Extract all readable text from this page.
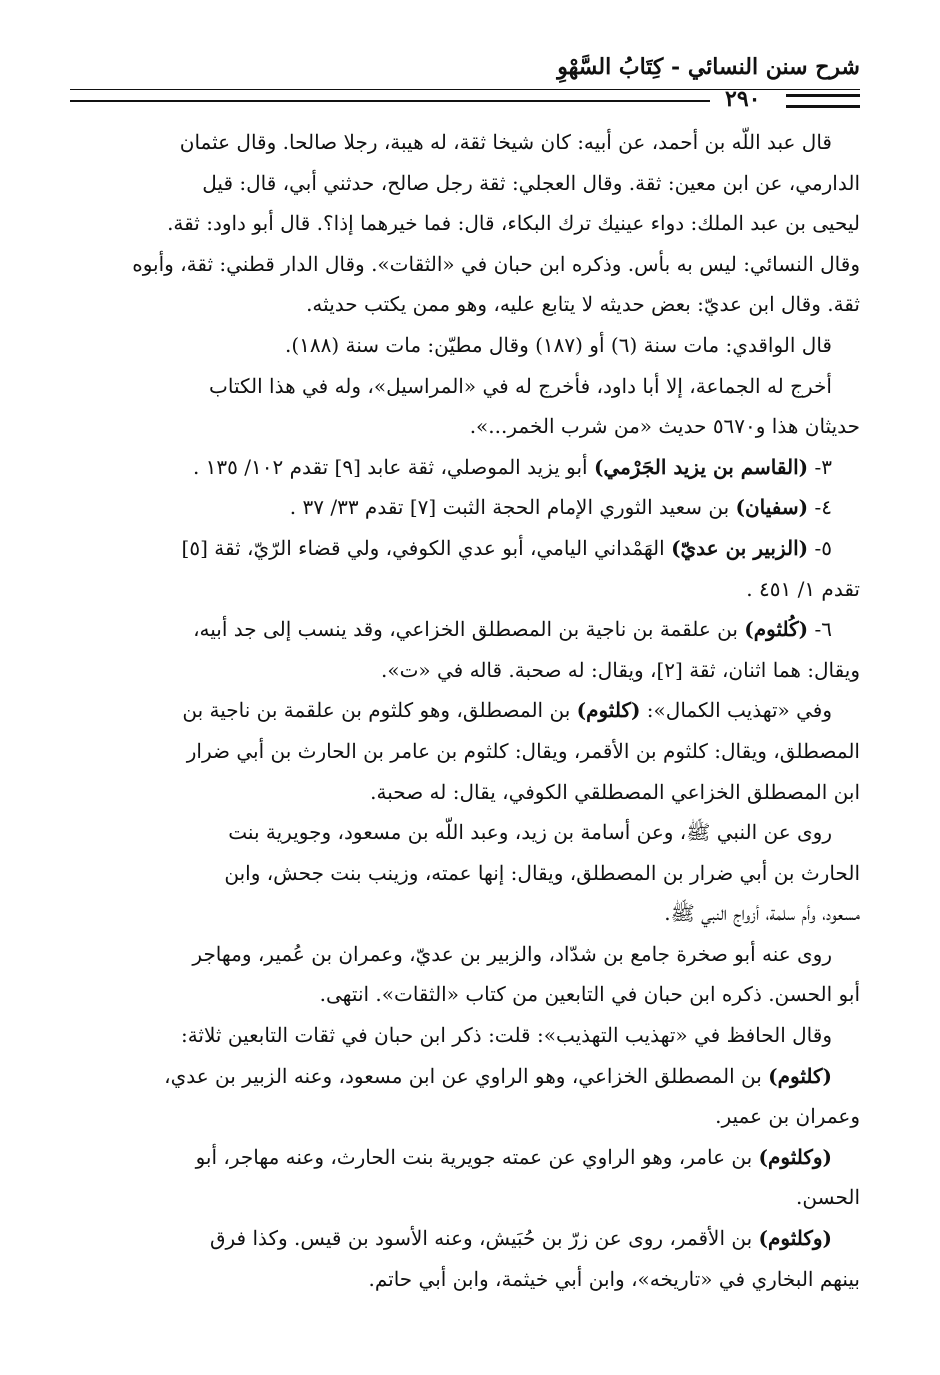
شرح سنن النسائي - كِتَابُ السَّهْوِ
٢٩٠
قال عبد اللّه بن أحمد، عن أبيه: كان شيخا ثقة، له هيبة، رجلا صالحا. وقال عثمان
الدارمي، عن ابن معين: ثقة. وقال العجلي: ثقة رجل صالح، حدثني أبي، قال: قيل
ليحيى بن عبد الملك: دواء عينيك ترك البكاء، قال: فما خيرهما إذا؟. قال أبو داود: ثقة.
وقال النسائي: ليس به بأس. وذكره ابن حبان في «الثقات». وقال الدار قطني: ثقة، وأبوه
ثقة. وقال ابن عديّ: بعض حديثه لا يتابع عليه، وهو ممن يكتب حديثه.
قال الواقدي: مات سنة (٦) أو (١٨٧) وقال مطيّن: مات سنة (١٨٨).
أخرج له الجماعة، إلا أبا داود، فأخرج له في «المراسيل»، وله في هذا الكتاب
حديثان هذا و٥٦٧٠ حديث «من شرب الخمر...».
٣- (القاسم بن يزيد الجَرْمي) أبو يزيد الموصلي، ثقة عابد [٩] تقدم ١٠٢/ ١٣٥ .
٤- (سفيان) بن سعيد الثوري الإمام الحجة الثبت [٧] تقدم ٣٣/ ٣٧ .
٥- (الزبير بن عديّ) الهَمْداني اليامي، أبو عدي الكوفي، ولي قضاء الرّيّ، ثقة [٥]
تقدم ١/ ٤٥١ .
٦- (كُلثوم) بن علقمة بن ناجية بن المصطلق الخزاعي، وقد ينسب إلى جد أبيه،
ويقال: هما اثنان، ثقة [٢]، ويقال: له صحبة. قاله في «ت».
وفي «تهذيب الكمال»: (كلثوم) بن المصطلق، وهو كلثوم بن علقمة بن ناجية بن
المصطلق، ويقال: كلثوم بن الأقمر، ويقال: كلثوم بن عامر بن الحارث بن أبي ضرار
ابن المصطلق الخزاعي المصطلقي الكوفي، يقال: له صحبة.
روى عن النبي ﷺ، وعن أسامة بن زيد، وعبد اللّه بن مسعود، وجويرية بنت
الحارث بن أبي ضرار بن المصطلق، ويقال: إنها عمته، وزينب بنت جحش، وابن
مسعود، وأم سلمة، أزواج النبي ﷺ.
روى عنه أبو صخرة جامع بن شدّاد، والزبير بن عديّ، وعمران بن عُمير، ومهاجر
أبو الحسن. ذكره ابن حبان في التابعين من كتاب «الثقات». انتهى.
وقال الحافظ في «تهذيب التهذيب»: قلت: ذكر ابن حبان في ثقات التابعين ثلاثة:
(كلثوم) بن المصطلق الخزاعي، وهو الراوي عن ابن مسعود، وعنه الزبير بن عدي،
وعمران بن عمير.
(وكلثوم) بن عامر، وهو الراوي عن عمته جويرية بنت الحارث، وعنه مهاجر، أبو
الحسن.
(وكلثوم) بن الأقمر، روى عن زرّ بن حُبَيش، وعنه الأسود بن قيس. وكذا فرق
بينهم البخاري في «تاريخه»، وابن أبي خيثمة، وابن أبي حاتم.
